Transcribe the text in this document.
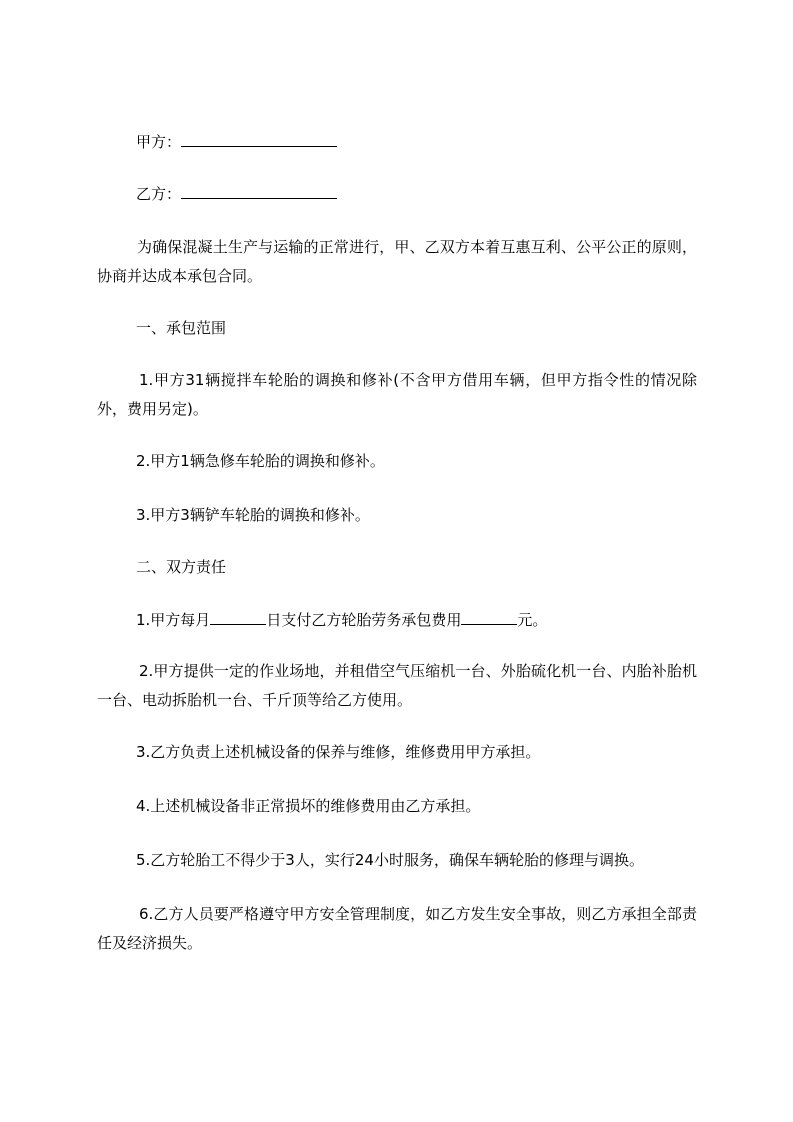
甲方：
乙方：
为确保混凝土生产与运输的正常进行，甲、乙双方本着互惠互利、公平公正的原则，协商并达成本承包合同。
一、承包范围
1.甲方31辆搅拌车轮胎的调换和修补(不含甲方借用车辆，但甲方指令性的情况除外，费用另定)。
2.甲方1辆急修车轮胎的调换和修补。
3.甲方3辆铲车轮胎的调换和修补。
二、双方责任
1.甲方每月	日支付乙方轮胎劳务承包费用	元。
2.甲方提供一定的作业场地，并租借空气压缩机一台、外胎硫化机一台、内胎补胎机一台、电动拆胎机一台、千斤顶等给乙方使用。
3.乙方负责上述机械设备的保养与维修，维修费用甲方承担。
4.上述机械设备非正常损坏的维修费用由乙方承担。
5.乙方轮胎工不得少于3人，实行24小时服务，确保车辆轮胎的修理与调换。
6.乙方人员要严格遵守甲方安全管理制度，如乙方发生安全事故，则乙方承担全部责任及经济损失。
